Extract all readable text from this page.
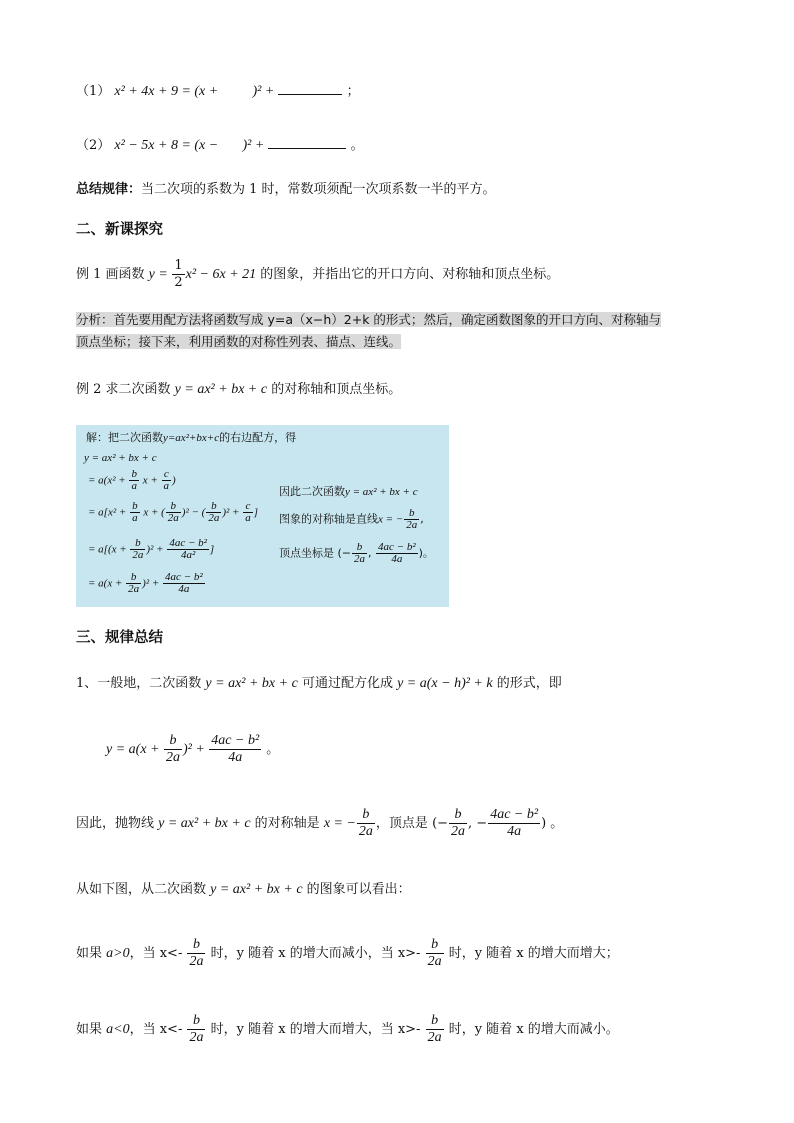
（1） x² + 4x + 9 = (x + )² +	；
（2） x² − 5x + 8 = (x − )² +	。
总结规律：当二次项的系数为 1 时，常数项须配一次项系数一半的平方。
二、新课探究
例 1 画函数 $y = \frac{1}{2} x^2 - 6x + 21$ 的图象，并指出它的开口方向、对称轴和顶点坐标。
分析：首先要用配方法将函数写成 y=a（x−h）2+k 的形式；然后，确定函数图象的开口方向、对称轴与
顶点坐标；接下来，利用函数的对称性列表、描点、连线。
例 2 求二次函数 y = ax² + bx + c 的对称轴和顶点坐标。
解：把二次函数y=ax²+bx+c的右边配方，得
y = ax² + bx + c
= $a(x^2 + \frac{b}{a}$ $x + \frac{c}{a}$ )
= $a[x^2 + \frac{b}{a}$ x + ( $\frac{b}{2a} )^2$ − ( $\frac{b}{2a} )^2 + \frac{c}{a}$ ]
= $a[(x + \frac{b}{2a} )^2 + \frac{\text{4ac − b²}}{\text{4a²}}$ ]
= $a(x + \frac{b}{2a} )^2 + \frac{\text{4ac − b²}}{4a}$
因此二次函数y = ax² + bx + c
图象的对称轴是直线x = − $\frac{b}{2a}$ ,
顶点坐标是 (− $\frac{b}{2a}$ , $\frac{\text{4ac − b²}}{4a}$ )。
三、规律总结
1、一般地，二次函数 y = ax² + bx + c 可通过配方化成 y = a(x − h)² + k 的形式，即
$y = a(x + \frac{b}{2a} )^2 + \frac{\text{4ac − b²}}{4a}$ 。
因此，抛物线 y = ax² + bx + c 的对称轴是 x = − $\frac{b}{2a}$ ，顶点是 (− $\frac{b}{2a}$ , − $\frac{\text{4ac − b²}}{4a}$ ) 。
从如下图，从二次函数 y = ax² + bx + c 的图象可以看出：
如果 a>0，当 $x<- \frac{b}{2a}$ 时，y 随着 x 的增大而减小，当 $x>- \frac{b}{2a}$ 时，y 随着 x 的增大而增大；
如果 a<0，当 $x<- \frac{b}{2a}$ 时，y 随着 x 的增大而增大，当 $x>- \frac{b}{2a}$ 时，y 随着 x 的增大而减小。
